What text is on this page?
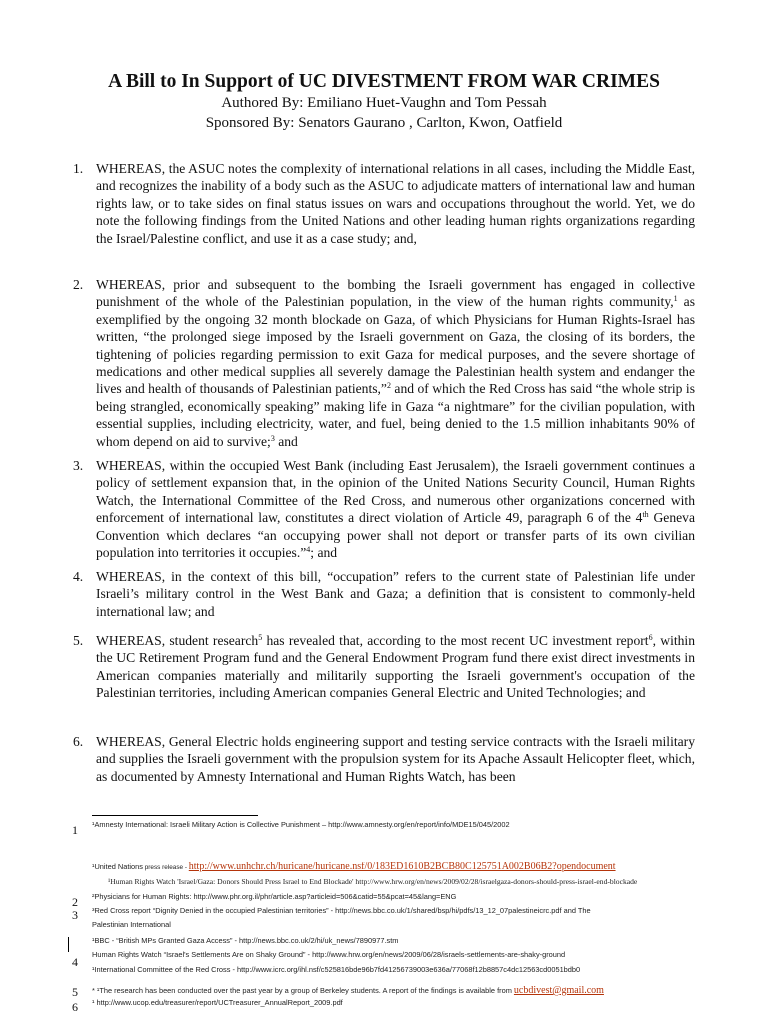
A Bill to In Support of UC DIVESTMENT FROM WAR CRIMES
Authored By: Emiliano Huet-Vaughn and Tom Pessah
Sponsored By: Senators Gaurano , Carlton, Kwon, Oatfield
1. WHEREAS, the ASUC notes the complexity of international relations in all cases, including the Middle East, and recognizes the inability of a body such as the ASUC to adjudicate matters of international law and human rights law, or to take sides on final status issues on wars and occupations throughout the world. Yet, we do note the following findings from the United Nations and other leading human rights organizations regarding the Israel/Palestine conflict, and use it as a case study; and,
2. WHEREAS, prior and subsequent to the bombing the Israeli government has engaged in collective punishment of the whole of the Palestinian population, in the view of the human rights community,$^1$ as exemplified by the ongoing 32 month blockade on Gaza, of which Physicians for Human Rights-Israel has written, “the prolonged siege imposed by the Israeli government on Gaza, the closing of its borders, the tightening of policies regarding permission to exit Gaza for medical purposes, and the severe shortage of medications and other medical supplies all severely damage the Palestinian health system and endanger the lives and health of thousands of Palestinian patients,”$^2$ and of which the Red Cross has said “the whole strip is being strangled, economically speaking” making life in Gaza “a nightmare” for the civilian population, with essential supplies, including electricity, water, and fuel, being denied to the 1.5 million inhabitants 90% of whom depend on aid to survive;$^3$ and
3. WHEREAS, within the occupied West Bank (including East Jerusalem), the Israeli government continues a policy of settlement expansion that, in the opinion of the United Nations Security Council, Human Rights Watch, the International Committee of the Red Cross, and numerous other organizations concerned with enforcement of international law, constitutes a direct violation of Article 49, paragraph 6 of the 4th Geneva Convention which declares “an occupying power shall not deport or transfer parts of its own civilian population into territories it occupies.”$^4$; and
4. WHEREAS, in the context of this bill, “occupation” refers to the current state of Palestinian life under Israeli’s military control in the West Bank and Gaza; a definition that is consistent to commonly-held international law; and
5. WHEREAS, student research$^5$ has revealed that, according to the most recent UC investment report$^6$, within the UC Retirement Program fund and the General Endowment Program fund there exist direct investments in American companies materially and militarily supporting the Israeli government's occupation of the Palestinian territories, including American companies General Electric and United Technologies; and
6. WHEREAS, General Electric holds engineering support and testing service contracts with the Israeli military and supplies the Israeli government with the propulsion system for its Apache Assault Helicopter fleet, which, as documented by Amnesty International and Human Rights Watch, has been
1
2
3
4
5
6
¹Amnesty International: Israeli Military Action is Collective Punishment – http://www.amnesty.org/en/report/info/MDE15/045/2002
¹United Nations press release - http://www.unhchr.ch/huricane/huricane.nsf/0/183ED1610B2BCB80C125751A002B06B2?opendocument
¹Human Rights Watch 'Israel/Gaza: Donors Should Press Israel to End Blockade' http://www.hrw.org/en/news/2009/02/28/israelgaza-donors-should-press-israel-end-blockade
²Physicians for Human Rights: http://www.phr.org.il/phr/article.asp?articleid=506&catid=55&pcat=45&lang=ENG
³Red Cross report “Dignity Denied in the occupied Palestinian territories” - http://news.bbc.co.uk/1/shared/bsp/hi/pdfs/13_12_07palestineicrc.pdf and The
Palestinian International
¹BBC - “British MPs Granted Gaza Access” - http://news.bbc.co.uk/2/hi/uk_news/7890977.stm
Human Rights Watch “Israel's Settlements Are on Shaky Ground” - http://www.hrw.org/en/news/2009/06/28/israels-settlements-are-shaky-ground
¹International Committee of the Red Cross - http://www.icrc.org/ihl.nsf/c525816bde96b7fd41256739003e636a/77068f12b8857c4dc12563cd0051bdb0
* ¹The research has been conducted over the past year by a group of Berkeley students. A report of the findings is available from ucbdivest@gmail.com
¹ http://www.ucop.edu/treasurer/report/UCTreasurer_AnnualReport_2009.pdf
